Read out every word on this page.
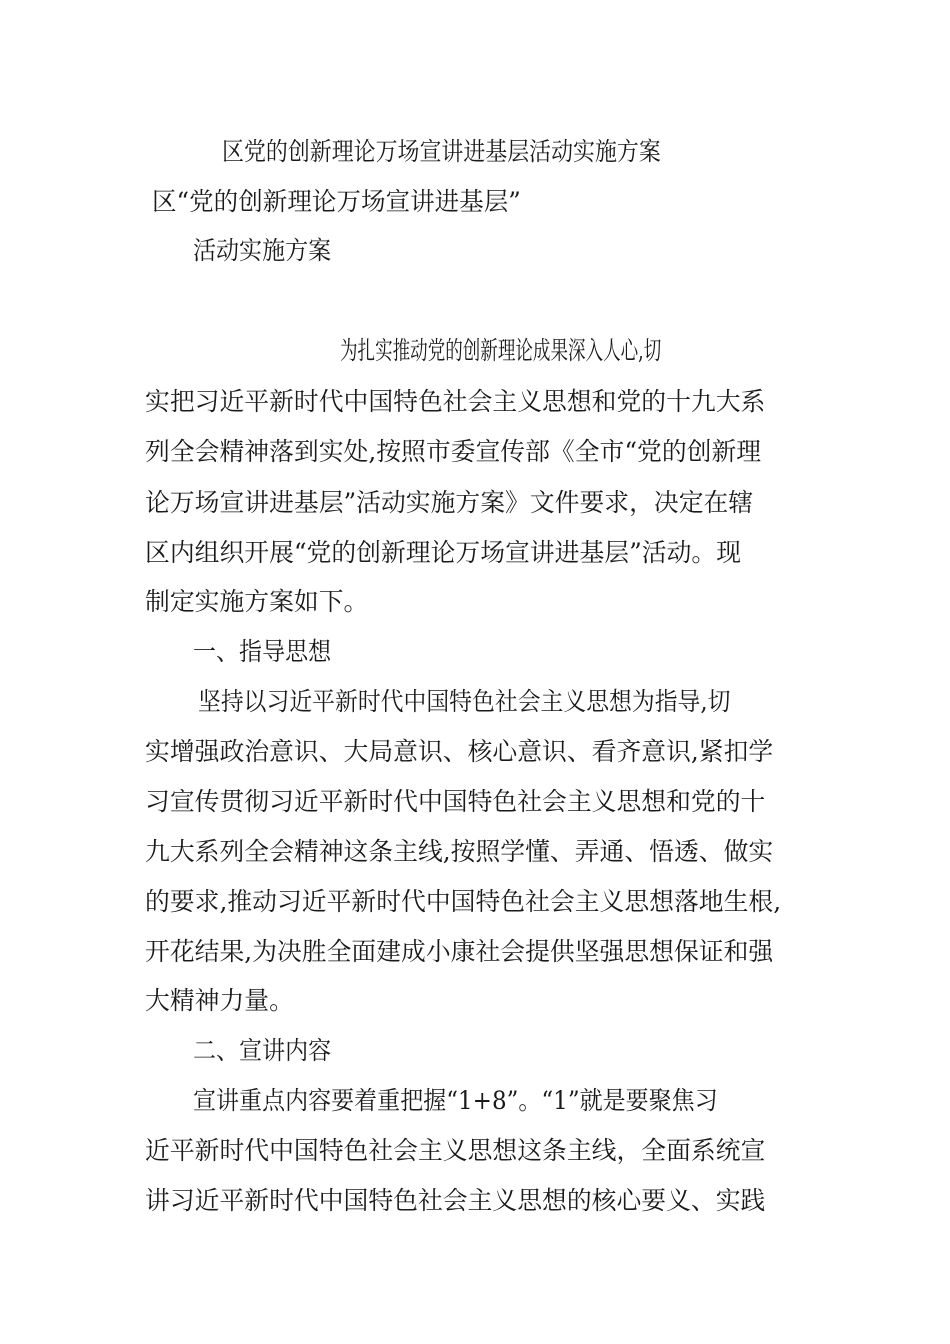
区党的创新理论万场宣讲进基层活动实施方案
区“党的创新理论万场宣讲进基层”
活动实施方案
为扎实推动党的创新理论成果深入人心,切
实把习近平新时代中国特色社会主义思想和党的十九大系
列全会精神落到实处,按照市委宣传部《全市“党的创新理
论万场宣讲进基层”活动实施方案》文件要求，决定在辖
区内组织开展“党的创新理论万场宣讲进基层”活动。现
制定实施方案如下。
一、指导思想
坚持以习近平新时代中国特色社会主义思想为指导,切
实增强政治意识、大局意识、核心意识、看齐意识,紧扣学
习宣传贯彻习近平新时代中国特色社会主义思想和党的十
九大系列全会精神这条主线,按照学懂、弄通、悟透、做实
的要求,推动习近平新时代中国特色社会主义思想落地生根,
开花结果,为决胜全面建成小康社会提供坚强思想保证和强
大精神力量。
二、宣讲内容
宣讲重点内容要着重把握“1+8”。“1”就是要聚焦习
近平新时代中国特色社会主义思想这条主线，全面系统宣
讲习近平新时代中国特色社会主义思想的核心要义、实践
